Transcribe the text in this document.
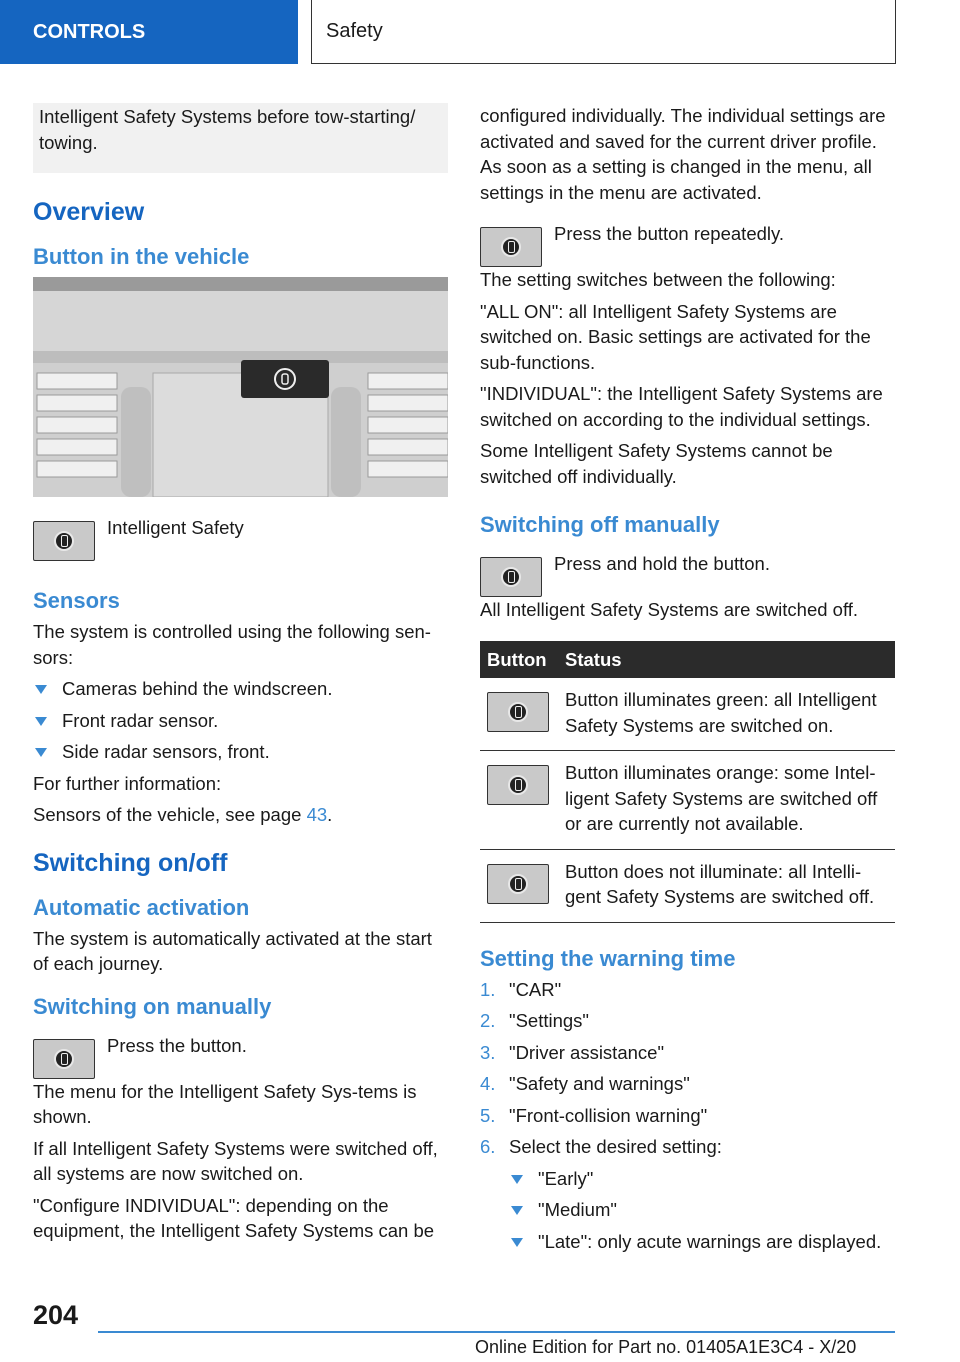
CONTROLS	Safety

Intelligent Safety Systems before tow-starting/ towing.

Overview
Button in the vehicle

Intelligent Safety

Sensors

The system is controlled using the following sen-sors:

Cameras behind the windscreen.
Front radar sensor.
Side radar sensors, front.

For further information:

Sensors of the vehicle, see page 43.

Switching on/off
Automatic activation

The system is automatically activated at the start of each journey.

Switching on manually

Press the button.

The menu for the Intelligent Safety Sys-tems is shown.

If all Intelligent Safety Systems were switched off, all systems are now switched on.

"Configure INDIVIDUAL": depending on the equipment, the Intelligent Safety Systems can be

configured individually. The individual settings are activated and saved for the current driver profile. As soon as a setting is changed in the menu, all settings in the menu are activated.

Press the button repeatedly.

The setting switches between the following:

"ALL ON": all Intelligent Safety Systems are switched on. Basic settings are activated for the sub-functions.

"INDIVIDUAL": the Intelligent Safety Systems are switched on according to the individual settings.

Some Intelligent Safety Systems cannot be switched off individually.

Switching off manually

Press and hold the button.

All Intelligent Safety Systems are switched off.

Button	Status

	Button illuminates green: all Intelligent Safety Systems are switched on.

	Button illuminates orange: some Intel-ligent Safety Systems are switched off or are currently not available.

	Button does not illuminate: all Intelli-gent Safety Systems are switched off.
Setting the warning time
1. "CAR"
2. "Settings"
3. "Driver assistance"
4. "Safety and warnings"
5. "Front-collision warning"
6. Select the desired setting:
"Early"
"Medium"
"Late": only acute warnings are displayed.
204
Online Edition for Part no. 01405A1E3C4 - X/20
